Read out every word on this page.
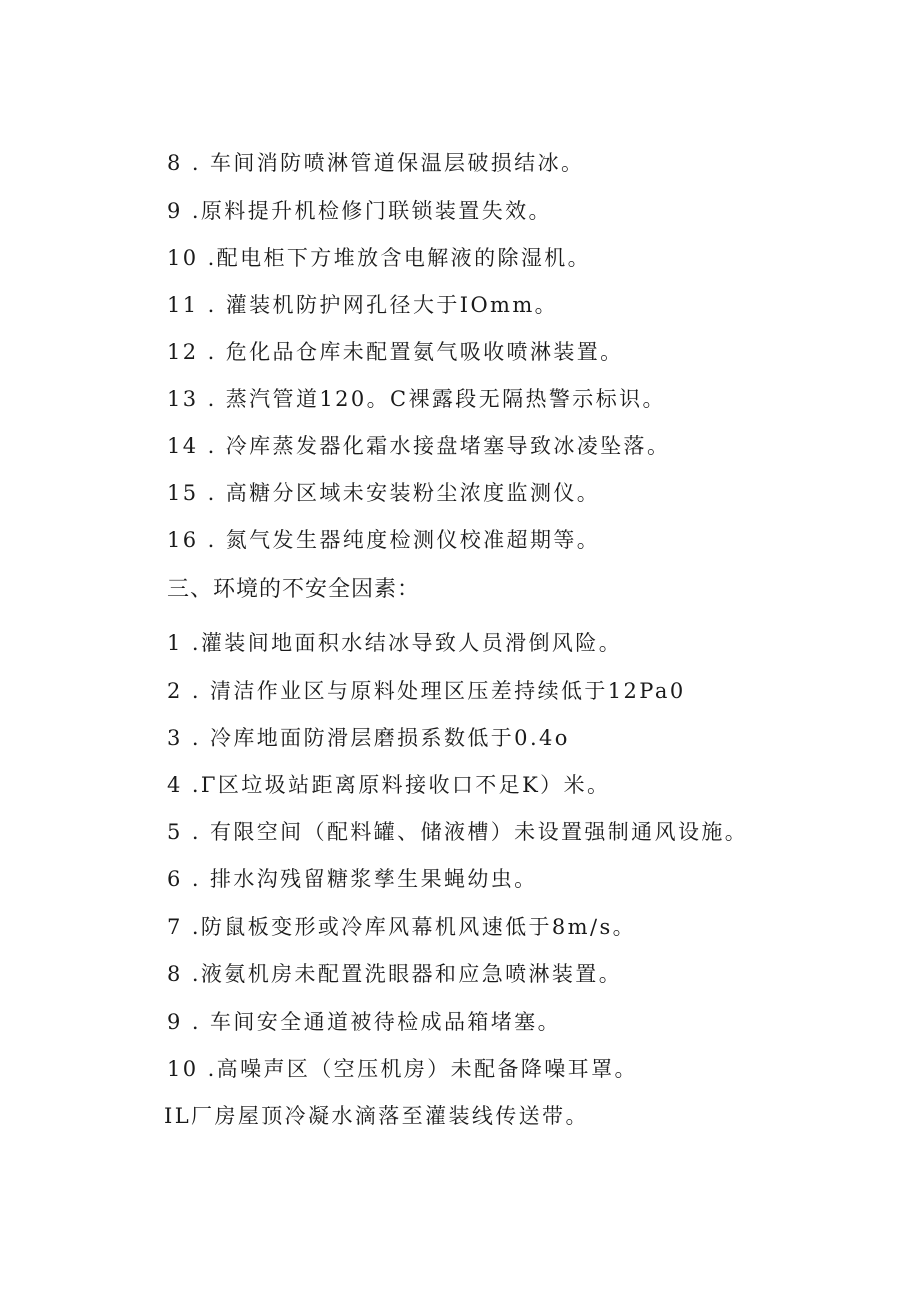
8 . 车间消防喷淋管道保温层破损结冰。
9 .原料提升机检修门联锁装置失效。
10 .配电柜下方堆放含电解液的除湿机。
11 . 灌装机防护网孔径大于IOmm。
12 . 危化品仓库未配置氨气吸收喷淋装置。
13 . 蒸汽管道120。C裸露段无隔热警示标识。
14 . 冷库蒸发器化霜水接盘堵塞导致冰凌坠落。
15 . 高糖分区域未安装粉尘浓度监测仪。
16 . 氮气发生器纯度检测仪校准超期等。
三、环境的不安全因素：
1 .灌装间地面积水结冰导致人员滑倒风险。
2 . 清洁作业区与原料处理区压差持续低于12Pa0
3 . 冷库地面防滑层磨损系数低于0.4o
4 .Γ区垃圾站距离原料接收口不足K）米。
5 . 有限空间（配料罐、储液槽）未设置强制通风设施。
6 . 排水沟残留糖浆孳生果蝇幼虫。
7 .防鼠板变形或冷库风幕机风速低于8m∕s。
8 .液氨机房未配置洗眼器和应急喷淋装置。
9 . 车间安全通道被待检成品箱堵塞。
10 .高噪声区（空压机房）未配备降噪耳罩。
IL厂房屋顶冷凝水滴落至灌装线传送带。
